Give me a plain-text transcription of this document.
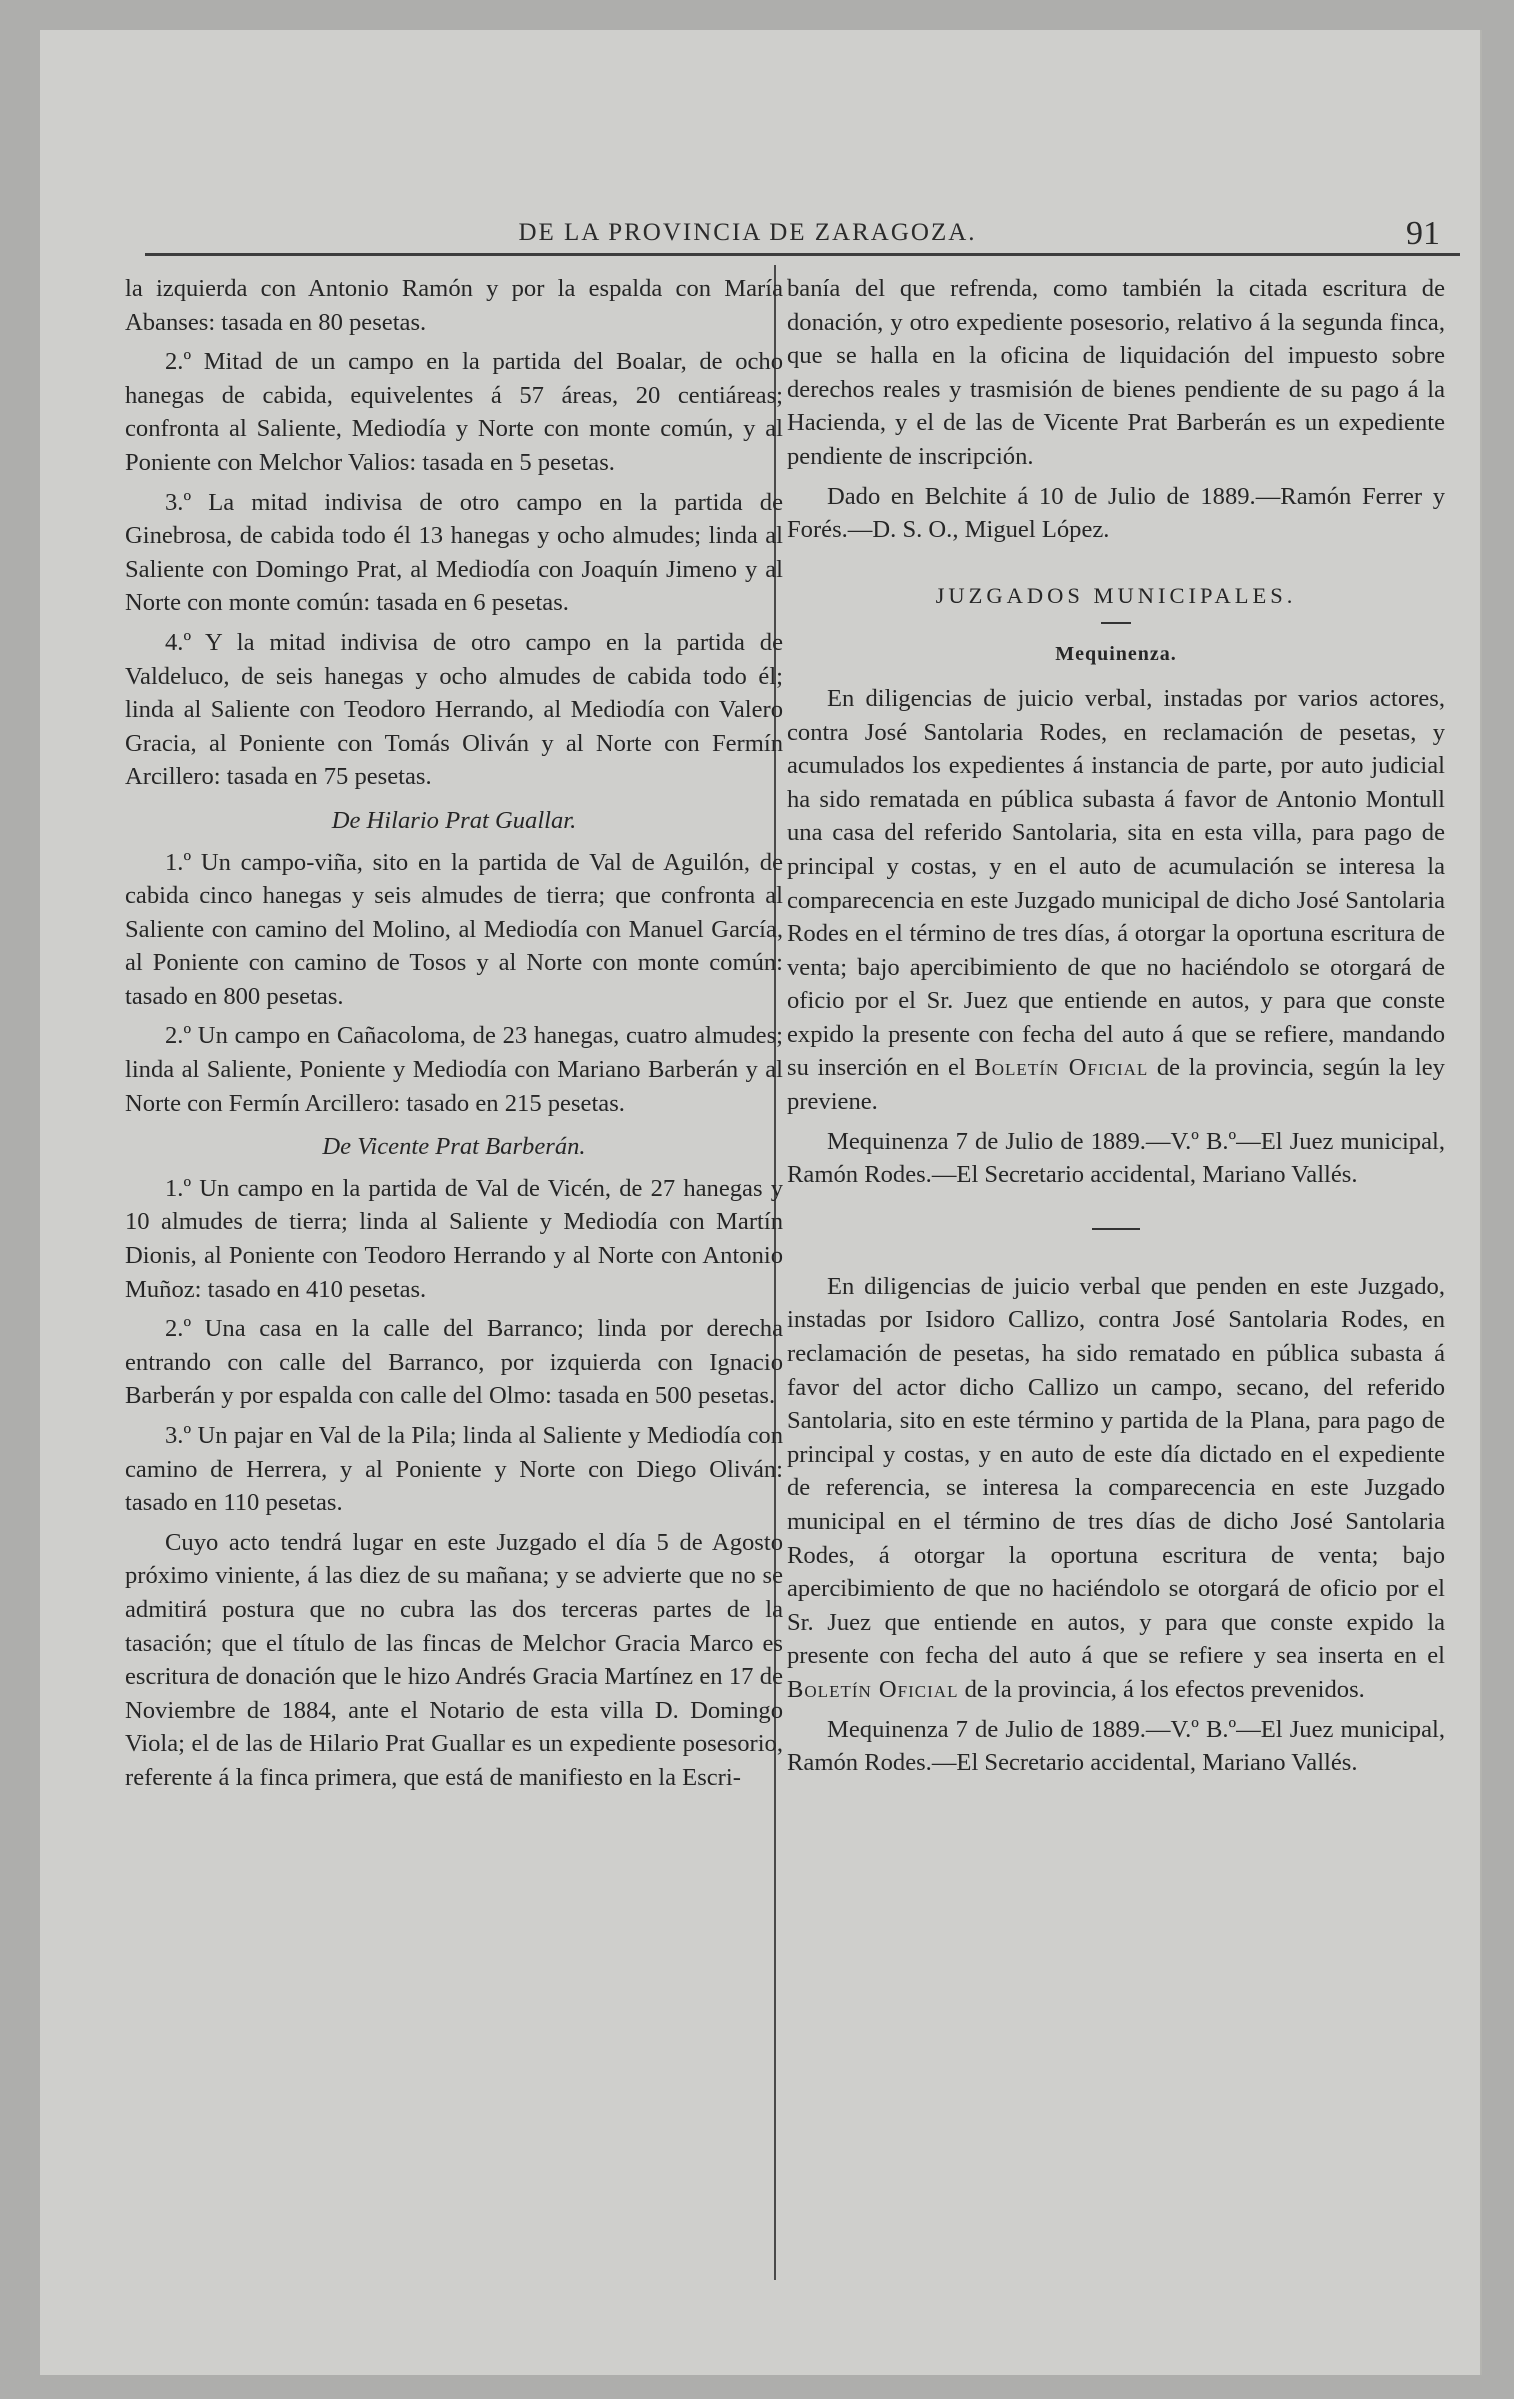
DE LA PROVINCIA DE ZARAGOZA.	91

la izquierda con Antonio Ramón y por la espalda con María Abanses: tasada en 80 pesetas.

2.º Mitad de un campo en la partida del Boalar, de ocho hanegas de cabida, equivelentes á 57 áreas, 20 centiáreas; confronta al Saliente, Mediodía y Norte con monte común, y al Poniente con Melchor Valios: tasada en 5 pesetas.

3.º La mitad indivisa de otro campo en la partida de Ginebrosa, de cabida todo él 13 hanegas y ocho almudes; linda al Saliente con Domingo Prat, al Mediodía con Joaquín Jimeno y al Norte con monte común: tasada en 6 pesetas.

4.º Y la mitad indivisa de otro campo en la partida de Valdeluco, de seis hanegas y ocho almudes de cabida todo él; linda al Saliente con Teodoro Herrando, al Mediodía con Valero Gracia, al Poniente con Tomás Oliván y al Norte con Fermín Arcillero: tasada en 75 pesetas.

De Hilario Prat Guallar.

1.º Un campo-viña, sito en la partida de Val de Aguilón, de cabida cinco hanegas y seis almudes de tierra; que confronta al Saliente con camino del Molino, al Mediodía con Manuel García, al Poniente con camino de Tosos y al Norte con monte común: tasado en 800 pesetas.

2.º Un campo en Cañacoloma, de 23 hanegas, cuatro almudes; linda al Saliente, Poniente y Mediodía con Mariano Barberán y al Norte con Fermín Arcillero: tasado en 215 pesetas.

De Vicente Prat Barberán.

1.º Un campo en la partida de Val de Vicén, de 27 hanegas y 10 almudes de tierra; linda al Saliente y Mediodía con Martín Dionis, al Poniente con Teodoro Herrando y al Norte con Antonio Muñoz: tasado en 410 pesetas.

2.º Una casa en la calle del Barranco; linda por derecha entrando con calle del Barranco, por izquierda con Ignacio Barberán y por espalda con calle del Olmo: tasada en 500 pesetas.

3.º Un pajar en Val de la Pila; linda al Saliente y Mediodía con camino de Herrera, y al Poniente y Norte con Diego Oliván: tasado en 110 pesetas.

Cuyo acto tendrá lugar en este Juzgado el día 5 de Agosto próximo viniente, á las diez de su mañana; y se advierte que no se admitirá postura que no cubra las dos terceras partes de la tasación; que el título de las fincas de Melchor Gracia Marco es escritura de donación que le hizo Andrés Gracia Martínez en 17 de Noviembre de 1884, ante el Notario de esta villa D. Domingo Viola; el de las de Hilario Prat Guallar es un expediente posesorio, referente á la finca primera, que está de manifiesto en la Escri-

banía del que refrenda, como también la citada escritura de donación, y otro expediente posesorio, relativo á la segunda finca, que se halla en la oficina de liquidación del impuesto sobre derechos reales y trasmisión de bienes pendiente de su pago á la Hacienda, y el de las de Vicente Prat Barberán es un expediente pendiente de inscripción.

Dado en Belchite á 10 de Julio de 1889.—Ramón Ferrer y Forés.—D. S. O., Miguel López.

JUZGADOS MUNICIPALES.

Mequinenza.

En diligencias de juicio verbal, instadas por varios actores, contra José Santolaria Rodes, en reclamación de pesetas, y acumulados los expedientes á instancia de parte, por auto judicial ha sido rematada en pública subasta á favor de Antonio Montull una casa del referido Santolaria, sita en esta villa, para pago de principal y costas, y en el auto de acumulación se interesa la comparecencia en este Juzgado municipal de dicho José Santolaria Rodes en el término de tres días, á otorgar la oportuna escritura de venta; bajo apercibimiento de que no haciéndolo se otorgará de oficio por el Sr. Juez que entiende en autos, y para que conste expido la presente con fecha del auto á que se refiere, mandando su inserción en el Boletín Oficial de la provincia, según la ley previene.

Mequinenza 7 de Julio de 1889.—V.º B.º—El Juez municipal, Ramón Rodes.—El Secretario accidental, Mariano Vallés.

En diligencias de juicio verbal que penden en este Juzgado, instadas por Isidoro Callizo, contra José Santolaria Rodes, en reclamación de pesetas, ha sido rematado en pública subasta á favor del actor dicho Callizo un campo, secano, del referido Santolaria, sito en este término y partida de la Plana, para pago de principal y costas, y en auto de este día dictado en el expediente de referencia, se interesa la comparecencia en este Juzgado municipal en el término de tres días de dicho José Santolaria Rodes, á otorgar la oportuna escritura de venta; bajo apercibimiento de que no haciéndolo se otorgará de oficio por el Sr. Juez que entiende en autos, y para que conste expido la presente con fecha del auto á que se refiere y sea inserta en el Boletín Oficial de la provincia, á los efectos prevenidos.

Mequinenza 7 de Julio de 1889.—V.º B.º—El Juez municipal, Ramón Rodes.—El Secretario accidental, Mariano Vallés.
